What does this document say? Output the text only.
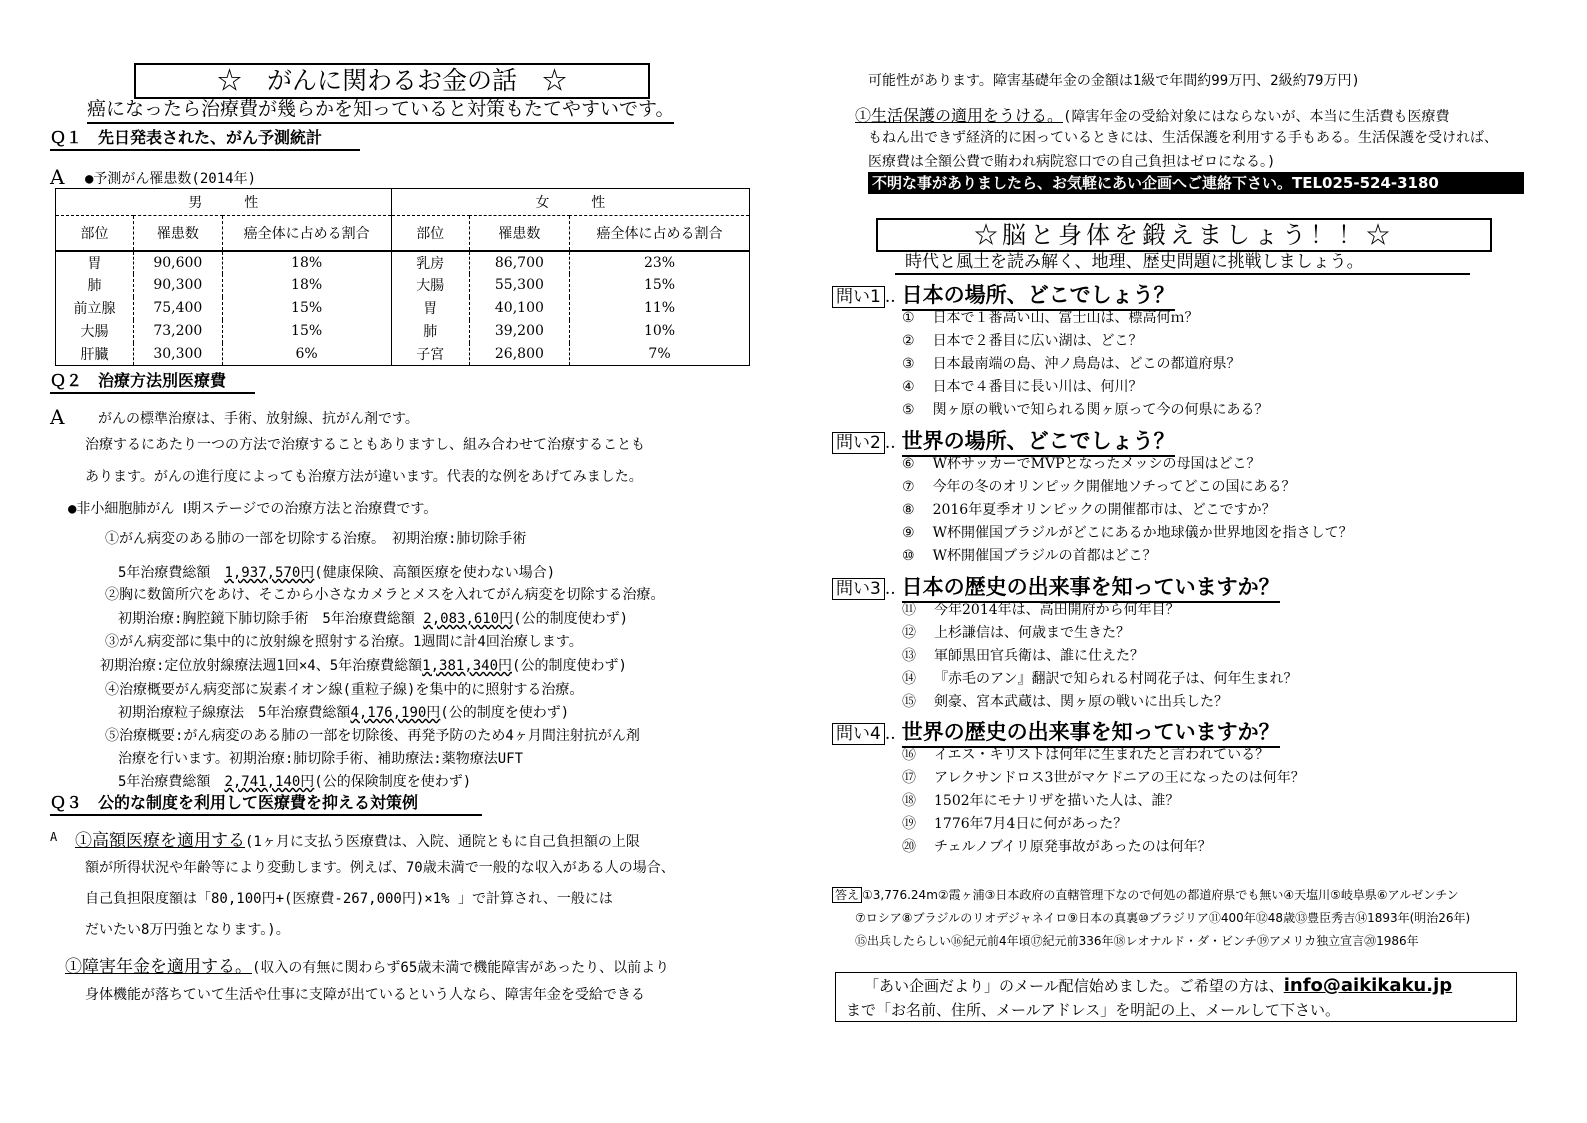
☆　がんに関わるお金の話　☆
癌になったら治療費が幾らかを知っていると対策もたてやすいです。
Ｑ１　先日発表された、がん予測統計
A ●予測がん罹患数(2014年)
男　　　性			女　　　性		
部位	罹患数	癌全体に占める割合	部位	罹患数	癌全体に占める割合
胃	90,600	18%	乳房	86,700	23%
肺	90,300	18%	大腸	55,300	15%
前立腺	75,400	15%	胃	40,100	11%
大腸	73,200	15%	肺	39,200	10%
肝臓	30,300	6%	子宮	26,800	7%
Ｑ２　治療方法別医療費
A がんの標準治療は、手術、放射線、抗がん剤です。
治療するにあたり一つの方法で治療することもありますし、組み合わせて治療することも
あります。がんの進行度によっても治療方法が違います。代表的な例をあげてみました。
●非小細胞肺がん Ⅰ期ステージでの治療方法と治療費です。
①がん病変のある肺の一部を切除する治療。　初期治療:肺切除手術
5年治療費総額　 1,937,570円(健康保険、高額医療を使わない場合)
②胸に数箇所穴をあけ、そこから小さなカメラとメスを入れてがん病変を切除する治療。
初期治療:胸腔鏡下肺切除手術　5年治療費総額 2,083,610円(公的制度使わず)
③がん病変部に集中的に放射線を照射する治療。1週間に計4回治療します。
初期治療:定位放射線療法週1回×4、5年治療費総額1,381,340円(公的制度使わず)
④治療概要がん病変部に炭素イオン線(重粒子線)を集中的に照射する治療。
初期治療粒子線療法　5年治療費総額4,176,190円(公的制度を使わず)
⑤治療概要:がん病変のある肺の一部を切除後、再発予防のため4ヶ月間注射抗がん剤
治療を行います。初期治療:肺切除手術、補助療法:薬物療法UFT
5年治療費総額　 2,741,140円(公的保険制度を使わず)
Ｑ３　公的な制度を利用して医療費を抑える対策例
A ①高額医療を適用する(1ヶ月に支払う医療費は、入院、通院ともに自己負担額の上限
額が所得状況や年齢等により変動します。例えば、70歳未満で一般的な収入がある人の場合、
自己負担限度額は「80,100円+(医療費-267,000円)×1% 」で計算され、一般には
だいたい8万円強となります。)。
①障害年金を適用する。(収入の有無に関わらず65歳未満で機能障害があったり、以前より
身体機能が落ちていて生活や仕事に支障が出ているという人なら、障害年金を受給できる
可能性があります。障害基礎年金の金額は1級で年間約99万円、2級約79万円)
①生活保護の適用をうける。(障害年金の受給対象にはならないが、本当に生活費も医療費
もねん出できず経済的に困っているときには、生活保護を利用する手もある。生活保護を受ければ、
医療費は全額公費で賄われ病院窓口での自己負担はゼロになる。)
不明な事がありましたら、お気軽にあい企画へご連絡下さい。TEL025-524-3180
☆脳と身体を鍛えましょう！！☆
時代と風土を読み解く、地理、歴史問題に挑戦しましょう。
問い1 .. 日本の場所、どこでしょう？
① 日本で１番高い山、富士山は、標高何ｍ？
② 日本で２番目に広い湖は、どこ？
③ 日本最南端の島、沖ノ鳥島は、どこの都道府県？
④ 日本で４番目に長い川は、何川？
⑤ 関ヶ原の戦いで知られる関ヶ原って今の何県にある？
問い2 .. 世界の場所、どこでしょう？
⑥ W杯サッカーでMVPとなったメッシの母国はどこ？
⑦ 今年の冬のオリンピック開催地ソチってどこの国にある？
⑧ 2016年夏季オリンピックの開催都市は、どこですか？
⑨ W杯開催国ブラジルがどこにあるか地球儀か世界地図を指さして？
⑩ W杯開催国ブラジルの首都はどこ？
問い3 .. 日本の歴史の出来事を知っていますか？
⑪ 今年2014年は、高田開府から何年目？
⑫ 上杉謙信は、何歳まで生きた？
⑬ 軍師黒田官兵衛は、誰に仕えた？
⑭ 『赤毛のアン』翻訳で知られる村岡花子は、何年生まれ？
⑮ 剣豪、宮本武蔵は、関ヶ原の戦いに出兵した？
問い4 .. 世界の歴史の出来事を知っていますか？
⑯ イエス・キリストは何年に生まれたと言われている？
⑰ アレクサンドロス3世がマケドニアの王になったのは何年？
⑱ 1502年にモナリザを描いた人は、誰？
⑲ 1776年7月4日に何があった？
⑳ チェルノブイリ原発事故があったのは何年？
答え ①3,776.24m②霞ヶ浦③日本政府の直轄管理下なので何処の都道府県でも無い④天塩川⑤岐阜県⑥アルゼンチン
⑦ロシア⑧ブラジルのリオデジャネイロ⑨日本の真裏⑩ブラジリア⑪400年⑫48歳⑬豊臣秀吉⑭1893年(明治26年)
⑮出兵したらしい⑯紀元前4年頃⑰紀元前336年⑱レオナルド・ダ・ビンチ⑲アメリカ独立宣言⑳1986年
「あい企画だより」のメール配信始めました。ご希望の方は、info@aikikaku.jp
まで「お名前、住所、メールアドレス」を明記の上、メールして下さい。
